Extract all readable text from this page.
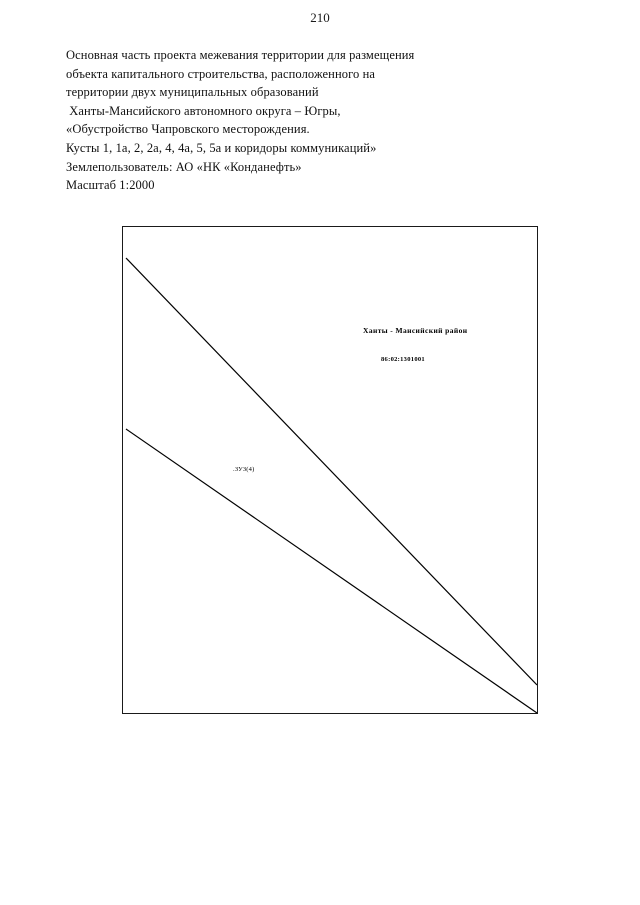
210
Основная часть проекта межевания территории для размещения
объекта капитального строительства, расположенного на
территории двух муниципальных образований
Ханты-Мансийского автономного округа – Югры,
«Обустройство Чапровского месторождения.
Кусты 1, 1а, 2, 2а, 4, 4а, 5, 5а и коридоры коммуникаций»
Землепользователь: АО «НК «Конданефть»
Масштаб 1:2000
Ханты - Мансийский район
86:02:1301001
.ЗУЗ(4)
